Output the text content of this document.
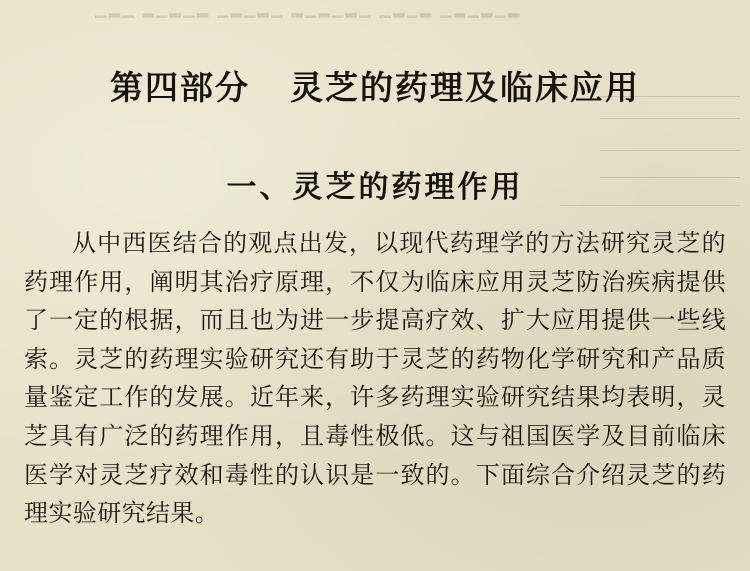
▁▂▁ ▂▁▂▁▂ ▁▂▁▂▁ ▂▁▂▁▂▁ ▁▂▁▂ ▁▂▁▂▁▂
第四部分 灵芝的药理及临床应用
一、灵芝的药理作用

从中西医结合的观点出发，以现代药理学的方法研究灵芝的药理作用，阐明其治疗原理，不仅为临床应用灵芝防治疾病提供了一定的根据，而且也为进一步提高疗效、扩大应用提供一些线索。灵芝的药理实验研究还有助于灵芝的药物化学研究和产品质量鉴定工作的发展。近年来，许多药理实验研究结果均表明，灵芝具有广泛的药理作用，且毒性极低。这与祖国医学及目前临床医学对灵芝疗效和毒性的认识是一致的。下面综合介绍灵芝的药理实验研究结果。
